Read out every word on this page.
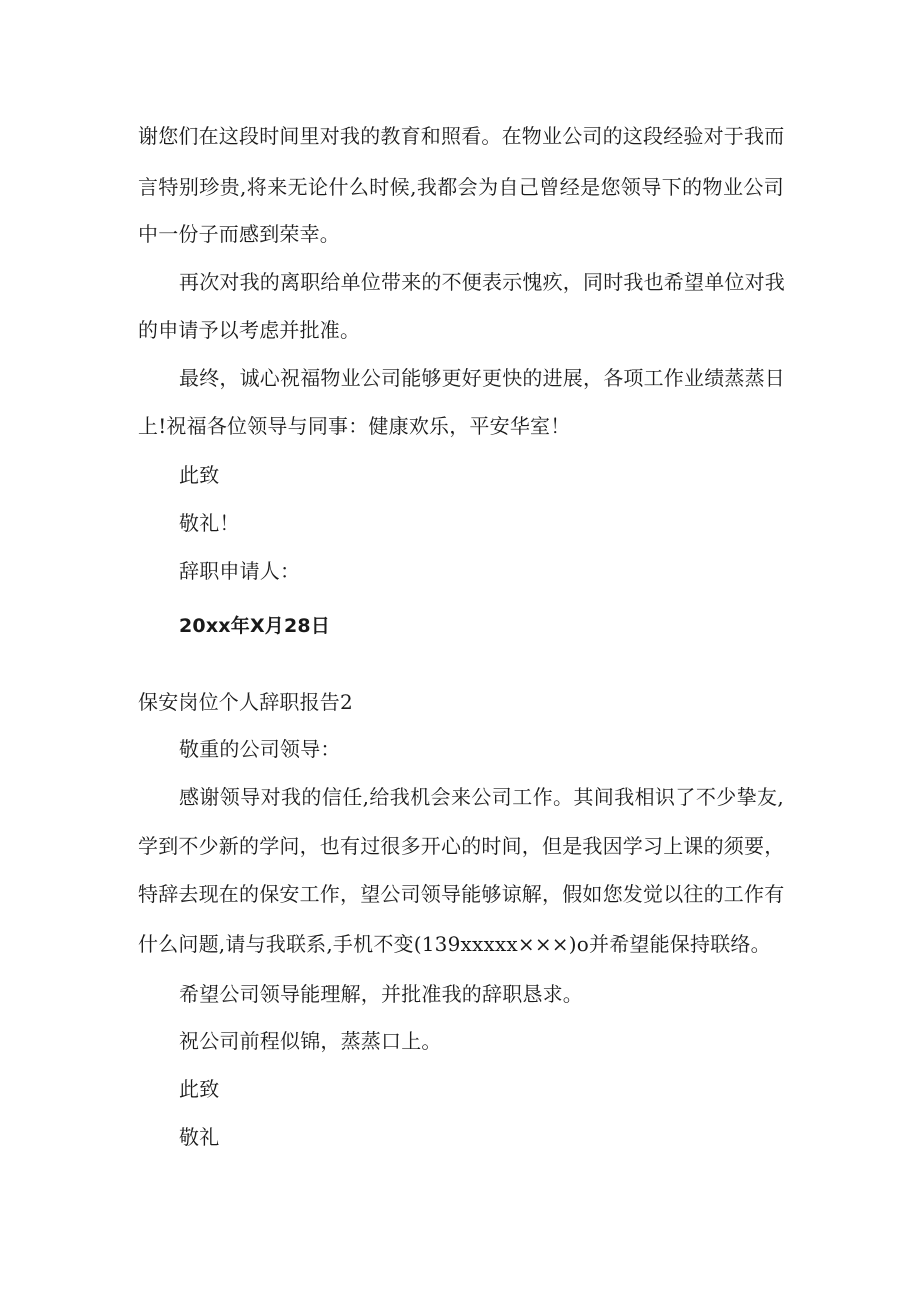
谢您们在这段时间里对我的教育和照看。在物业公司的这段经验对于我而
言特别珍贵,将来无论什么时候,我都会为自己曾经是您领导下的物业公司
中一份子而感到荣幸。
再次对我的离职给单位带来的不便表示愧疚，同时我也希望单位对我
的申请予以考虑并批准。
最终，诚心祝福物业公司能够更好更快的进展，各项工作业绩蒸蒸日
上!祝福各位领导与同事：健康欢乐，平安华室！
此致
敬礼！
辞职申请人：
20xx年X月28日
保安岗位个人辞职报告2
敬重的公司领导：
感谢领导对我的信任,给我机会来公司工作。其间我相识了不少挚友,
学到不少新的学问，也有过很多开心的时间，但是我因学习上课的须要，
特辞去现在的保安工作，望公司领导能够谅解，假如您发觉以往的工作有
什么问题,请与我联系,手机不变(139xxxxx×××)o并希望能保持联络。
希望公司领导能理解，并批准我的辞职恳求。
祝公司前程似锦，蒸蒸口上。
此致
敬礼
